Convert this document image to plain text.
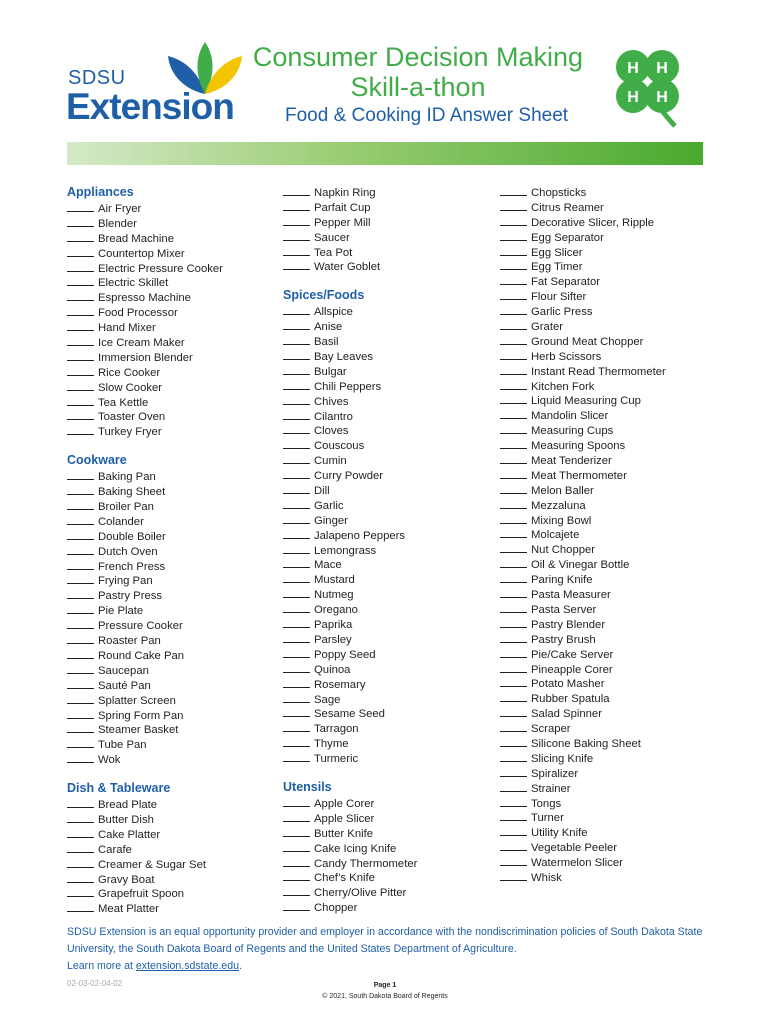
SDSU
Extension
Consumer Decision Making
Skill-a-thon
Food & Cooking ID Answer Sheet
H H
H H
Appliances
Air Fryer
Blender
Bread Machine
Countertop Mixer
Electric Pressure Cooker
Electric Skillet
Espresso Machine
Food Processor
Hand Mixer
Ice Cream Maker
Immersion Blender
Rice Cooker
Slow Cooker
Tea Kettle
Toaster Oven
Turkey Fryer
Cookware
Baking Pan
Baking Sheet
Broiler Pan
Colander
Double Boiler
Dutch Oven
French Press
Frying Pan
Pastry Press
Pie Plate
Pressure Cooker
Roaster Pan
Round Cake Pan
Saucepan
Sauté Pan
Splatter Screen
Spring Form Pan
Steamer Basket
Tube Pan
Wok
Dish & Tableware
Bread Plate
Butter Dish
Cake Platter
Carafe
Creamer & Sugar Set
Gravy Boat
Grapefruit Spoon
Meat Platter
Napkin Ring
Parfait Cup
Pepper Mill
Saucer
Tea Pot
Water Goblet
Spices/Foods
Allspice
Anise
Basil
Bay Leaves
Bulgar
Chili Peppers
Chives
Cilantro
Cloves
Couscous
Cumin
Curry Powder
Dill
Garlic
Ginger
Jalapeno Peppers
Lemongrass
Mace
Mustard
Nutmeg
Oregano
Paprika
Parsley
Poppy Seed
Quinoa
Rosemary
Sage
Sesame Seed
Tarragon
Thyme
Turmeric
Utensils
Apple Corer
Apple Slicer
Butter Knife
Cake Icing Knife
Candy Thermometer
Chef’s Knife
Cherry/Olive Pitter
Chopper
Chopsticks
Citrus Reamer
Decorative Slicer, Ripple
Egg Separator
Egg Slicer
Egg Timer
Fat Separator
Flour Sifter
Garlic Press
Grater
Ground Meat Chopper
Herb Scissors
Instant Read Thermometer
Kitchen Fork
Liquid Measuring Cup
Mandolin Slicer
Measuring Cups
Measuring Spoons
Meat Tenderizer
Meat Thermometer
Melon Baller
Mezzaluna
Mixing Bowl
Molcajete
Nut Chopper
Oil & Vinegar Bottle
Paring Knife
Pasta Measurer
Pasta Server
Pastry Blender
Pastry Brush
Pie/Cake Server
Pineapple Corer
Potato Masher
Rubber Spatula
Salad Spinner
Scraper
Silicone Baking Sheet
Slicing Knife
Spiralizer
Strainer
Tongs
Turner
Utility Knife
Vegetable Peeler
Watermelon Slicer
Whisk
SDSU Extension is an equal opportunity provider and employer in accordance with the nondiscrimination policies of South Dakota State
University, the South Dakota Board of Regents and the United States Department of Agriculture.
Learn more at extension.sdstate.edu.
02-03-02-04-02	Page 1
© 2021, South Dakota Board of Regents
